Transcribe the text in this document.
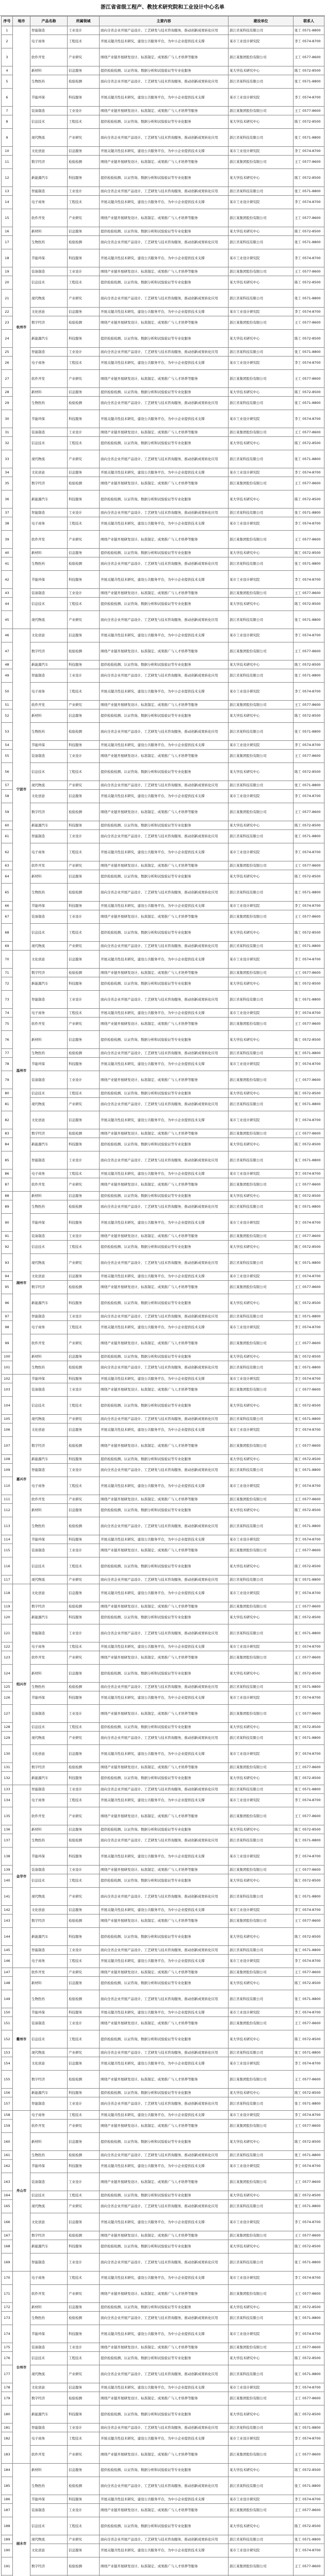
浙江省省级工程产、教技术研究院和工业设计中心名单
序号	地市	产品名称	所属领域	主要内容	建设单位	联系人
1	杭州市	智能制造	工业设计	面向全省企业开展产品设计、工艺研发与技术咨询服务，推动创新成果转化应用	浙江省某科技有限公司	张工 0571-8800
2		电子商务	工程技术	开展关键共性技术研究，建设公共服务平台，为中小企业提供技术支撑	某市工业设计研究院	李工 0574-8700
3		软件开发	产业研究	围绕产业链开展研发设计、标准制定、成果推广与人才培养等服务	浙江某集团股份有限公司	王工 0577-8600
4		新材料	信息服务	提供检验检测、认证咨询、数据分析和试验验证等专业化服务	某大学技术研究中心	陈工 0572-8500
5		生物医药	检验检测	面向全省企业开展产品设计、工艺研发与技术咨询服务，推动创新成果转化应用	浙江省某科技有限公司	张工 0571-8800
6		节能环保	科技服务	开展关键共性技术研究，建设公共服务平台，为中小企业提供技术支撑	某市工业设计研究院	李工 0574-8700
7		装备制造	工业设计	围绕产业链开展研发设计、标准制定、成果推广与人才培养等服务	浙江某集团股份有限公司	王工 0577-8600
8		信息技术	工程技术	提供检验检测、认证咨询、数据分析和试验验证等专业化服务	某大学技术研究中心	陈工 0572-8500
9		现代物流	产业研究	面向全省企业开展产品设计、工艺研发与技术咨询服务，推动创新成果转化应用	浙江省某科技有限公司	张工 0571-8800
10		文化创意	信息服务	开展关键共性技术研究，建设公共服务平台，为中小企业提供技术支撑	某市工业设计研究院	李工 0574-8700
11		数字经济	检验检测	围绕产业链开展研发设计、标准制定、成果推广与人才培养等服务	浙江某集团股份有限公司	王工 0577-8600
12		新能源汽车	科技服务	提供检验检测、认证咨询、数据分析和试验验证等专业化服务	某大学技术研究中心	陈工 0572-8500
13		智能制造	工业设计	面向全省企业开展产品设计、工艺研发与技术咨询服务，推动创新成果转化应用	浙江省某科技有限公司	张工 0571-8800
14		电子商务	工程技术	开展关键共性技术研究，建设公共服务平台，为中小企业提供技术支撑	某市工业设计研究院	李工 0574-8700
15		软件开发	产业研究	围绕产业链开展研发设计、标准制定、成果推广与人才培养等服务	浙江某集团股份有限公司	王工 0577-8600
16		新材料	信息服务	提供检验检测、认证咨询、数据分析和试验验证等专业化服务	某大学技术研究中心	陈工 0572-8500
17		生物医药	检验检测	面向全省企业开展产品设计、工艺研发与技术咨询服务，推动创新成果转化应用	浙江省某科技有限公司	张工 0571-8800
18		节能环保	科技服务	开展关键共性技术研究，建设公共服务平台，为中小企业提供技术支撑	某市工业设计研究院	李工 0574-8700
19		装备制造	工业设计	围绕产业链开展研发设计、标准制定、成果推广与人才培养等服务	浙江某集团股份有限公司	王工 0577-8600
20		信息技术	工程技术	提供检验检测、认证咨询、数据分析和试验验证等专业化服务	某大学技术研究中心	陈工 0572-8500
21		现代物流	产业研究	面向全省企业开展产品设计、工艺研发与技术咨询服务，推动创新成果转化应用	浙江省某科技有限公司	张工 0571-8800
22		文化创意	信息服务	开展关键共性技术研究，建设公共服务平台，为中小企业提供技术支撑	某市工业设计研究院	李工 0574-8700
23		数字经济	检验检测	围绕产业链开展研发设计、标准制定、成果推广与人才培养等服务	浙江某集团股份有限公司	王工 0577-8600
24		新能源汽车	科技服务	提供检验检测、认证咨询、数据分析和试验验证等专业化服务	某大学技术研究中心	陈工 0572-8500
25		智能制造	工业设计	面向全省企业开展产品设计、工艺研发与技术咨询服务，推动创新成果转化应用	浙江省某科技有限公司	张工 0571-8800
26		电子商务	工程技术	开展关键共性技术研究，建设公共服务平台，为中小企业提供技术支撑	某市工业设计研究院	李工 0574-8700
27		软件开发	产业研究	围绕产业链开展研发设计、标准制定、成果推广与人才培养等服务	浙江某集团股份有限公司	王工 0577-8600
28		新材料	信息服务	提供检验检测、认证咨询、数据分析和试验验证等专业化服务	某大学技术研究中心	陈工 0572-8500
29		生物医药	检验检测	面向全省企业开展产品设计、工艺研发与技术咨询服务，推动创新成果转化应用	浙江省某科技有限公司	张工 0571-8800
30		节能环保	科技服务	开展关键共性技术研究，建设公共服务平台，为中小企业提供技术支撑	某市工业设计研究院	李工 0574-8700
31		装备制造	工业设计	围绕产业链开展研发设计、标准制定、成果推广与人才培养等服务	浙江某集团股份有限公司	王工 0577-8600
32		信息技术	工程技术	提供检验检测、认证咨询、数据分析和试验验证等专业化服务	某大学技术研究中心	陈工 0572-8500
33		现代物流	产业研究	面向全省企业开展产品设计、工艺研发与技术咨询服务，推动创新成果转化应用	浙江省某科技有限公司	张工 0571-8800
34		文化创意	信息服务	开展关键共性技术研究，建设公共服务平台，为中小企业提供技术支撑	某市工业设计研究院	李工 0574-8700
35		数字经济	检验检测	围绕产业链开展研发设计、标准制定、成果推广与人才培养等服务	浙江某集团股份有限公司	王工 0577-8600
36		新能源汽车	科技服务	提供检验检测、认证咨询、数据分析和试验验证等专业化服务	某大学技术研究中心	陈工 0572-8500
37		智能制造	工业设计	面向全省企业开展产品设计、工艺研发与技术咨询服务，推动创新成果转化应用	浙江省某科技有限公司	张工 0571-8800
38		电子商务	工程技术	开展关键共性技术研究，建设公共服务平台，为中小企业提供技术支撑	某市工业设计研究院	李工 0574-8700
39		软件开发	产业研究	围绕产业链开展研发设计、标准制定、成果推广与人才培养等服务	浙江某集团股份有限公司	王工 0577-8600
40		新材料	信息服务	提供检验检测、认证咨询、数据分析和试验验证等专业化服务	某大学技术研究中心	陈工 0572-8500
41		生物医药	检验检测	面向全省企业开展产品设计、工艺研发与技术咨询服务，推动创新成果转化应用	浙江省某科技有限公司	张工 0571-8800
42		节能环保	科技服务	开展关键共性技术研究，建设公共服务平台，为中小企业提供技术支撑	某市工业设计研究院	李工 0574-8700
43		装备制造	工业设计	围绕产业链开展研发设计、标准制定、成果推广与人才培养等服务	浙江某集团股份有限公司	王工 0577-8600
44		信息技术	工程技术	提供检验检测、认证咨询、数据分析和试验验证等专业化服务	某大学技术研究中心	陈工 0572-8500
45		现代物流	产业研究	面向全省企业开展产品设计、工艺研发与技术咨询服务，推动创新成果转化应用	浙江省某科技有限公司	张工 0571-8800
46	宁波市	文化创意	信息服务	开展关键共性技术研究，建设公共服务平台，为中小企业提供技术支撑	某市工业设计研究院	李工 0574-8700
47		数字经济	检验检测	围绕产业链开展研发设计、标准制定、成果推广与人才培养等服务	浙江某集团股份有限公司	王工 0577-8600
48		新能源汽车	科技服务	提供检验检测、认证咨询、数据分析和试验验证等专业化服务	某大学技术研究中心	陈工 0572-8500
49		智能制造	工业设计	面向全省企业开展产品设计、工艺研发与技术咨询服务，推动创新成果转化应用	浙江省某科技有限公司	张工 0571-8800
50		电子商务	工程技术	开展关键共性技术研究，建设公共服务平台，为中小企业提供技术支撑	某市工业设计研究院	李工 0574-8700
51		软件开发	产业研究	围绕产业链开展研发设计、标准制定、成果推广与人才培养等服务	浙江某集团股份有限公司	王工 0577-8600
52		新材料	信息服务	提供检验检测、认证咨询、数据分析和试验验证等专业化服务	某大学技术研究中心	陈工 0572-8500
53		生物医药	检验检测	面向全省企业开展产品设计、工艺研发与技术咨询服务，推动创新成果转化应用	浙江省某科技有限公司	张工 0571-8800
54		节能环保	科技服务	开展关键共性技术研究，建设公共服务平台，为中小企业提供技术支撑	某市工业设计研究院	李工 0574-8700
55		装备制造	工业设计	围绕产业链开展研发设计、标准制定、成果推广与人才培养等服务	浙江某集团股份有限公司	王工 0577-8600
56		信息技术	工程技术	提供检验检测、认证咨询、数据分析和试验验证等专业化服务	某大学技术研究中心	陈工 0572-8500
57		现代物流	产业研究	面向全省企业开展产品设计、工艺研发与技术咨询服务，推动创新成果转化应用	浙江省某科技有限公司	张工 0571-8800
58		文化创意	信息服务	开展关键共性技术研究，建设公共服务平台，为中小企业提供技术支撑	某市工业设计研究院	李工 0574-8700
59		数字经济	检验检测	围绕产业链开展研发设计、标准制定、成果推广与人才培养等服务	浙江某集团股份有限公司	王工 0577-8600
60		新能源汽车	科技服务	提供检验检测、认证咨询、数据分析和试验验证等专业化服务	某大学技术研究中心	陈工 0572-8500
61		智能制造	工业设计	面向全省企业开展产品设计、工艺研发与技术咨询服务，推动创新成果转化应用	浙江省某科技有限公司	张工 0571-8800
62		电子商务	工程技术	开展关键共性技术研究，建设公共服务平台，为中小企业提供技术支撑	某市工业设计研究院	李工 0574-8700
63		软件开发	产业研究	围绕产业链开展研发设计、标准制定、成果推广与人才培养等服务	浙江某集团股份有限公司	王工 0577-8600
64		新材料	信息服务	提供检验检测、认证咨询、数据分析和试验验证等专业化服务	某大学技术研究中心	陈工 0572-8500
65		生物医药	检验检测	面向全省企业开展产品设计、工艺研发与技术咨询服务，推动创新成果转化应用	浙江省某科技有限公司	张工 0571-8800
66		节能环保	科技服务	开展关键共性技术研究，建设公共服务平台，为中小企业提供技术支撑	某市工业设计研究院	李工 0574-8700
67		装备制造	工业设计	围绕产业链开展研发设计、标准制定、成果推广与人才培养等服务	浙江某集团股份有限公司	王工 0577-8600
68		信息技术	工程技术	提供检验检测、认证咨询、数据分析和试验验证等专业化服务	某大学技术研究中心	陈工 0572-8500
69		现代物流	产业研究	面向全省企业开展产品设计、工艺研发与技术咨询服务，推动创新成果转化应用	浙江省某科技有限公司	张工 0571-8800
70	温州市	文化创意	信息服务	开展关键共性技术研究，建设公共服务平台，为中小企业提供技术支撑	某市工业设计研究院	李工 0574-8700
71		数字经济	检验检测	围绕产业链开展研发设计、标准制定、成果推广与人才培养等服务	浙江某集团股份有限公司	王工 0577-8600
72		新能源汽车	科技服务	提供检验检测、认证咨询、数据分析和试验验证等专业化服务	某大学技术研究中心	陈工 0572-8500
73		智能制造	工业设计	面向全省企业开展产品设计、工艺研发与技术咨询服务，推动创新成果转化应用	浙江省某科技有限公司	张工 0571-8800
74		电子商务	工程技术	开展关键共性技术研究，建设公共服务平台，为中小企业提供技术支撑	某市工业设计研究院	李工 0574-8700
75		软件开发	产业研究	围绕产业链开展研发设计、标准制定、成果推广与人才培养等服务	浙江某集团股份有限公司	王工 0577-8600
76		新材料	信息服务	提供检验检测、认证咨询、数据分析和试验验证等专业化服务	某大学技术研究中心	陈工 0572-8500
77		生物医药	检验检测	面向全省企业开展产品设计、工艺研发与技术咨询服务，推动创新成果转化应用	浙江省某科技有限公司	张工 0571-8800
78		节能环保	科技服务	开展关键共性技术研究，建设公共服务平台，为中小企业提供技术支撑	某市工业设计研究院	李工 0574-8700
79		装备制造	工业设计	围绕产业链开展研发设计、标准制定、成果推广与人才培养等服务	浙江某集团股份有限公司	王工 0577-8600
80		信息技术	工程技术	提供检验检测、认证咨询、数据分析和试验验证等专业化服务	某大学技术研究中心	陈工 0572-8500
81		现代物流	产业研究	面向全省企业开展产品设计、工艺研发与技术咨询服务，推动创新成果转化应用	浙江省某科技有限公司	张工 0571-8800
82		文化创意	信息服务	开展关键共性技术研究，建设公共服务平台，为中小企业提供技术支撑	某市工业设计研究院	李工 0574-8700
83		数字经济	检验检测	围绕产业链开展研发设计、标准制定、成果推广与人才培养等服务	浙江某集团股份有限公司	王工 0577-8600
84		新能源汽车	科技服务	提供检验检测、认证咨询、数据分析和试验验证等专业化服务	某大学技术研究中心	陈工 0572-8500
85		智能制造	工业设计	面向全省企业开展产品设计、工艺研发与技术咨询服务，推动创新成果转化应用	浙江省某科技有限公司	张工 0571-8800
86		电子商务	工程技术	开展关键共性技术研究，建设公共服务平台，为中小企业提供技术支撑	某市工业设计研究院	李工 0574-8700
87		软件开发	产业研究	围绕产业链开展研发设计、标准制定、成果推广与人才培养等服务	浙江某集团股份有限公司	王工 0577-8600
88	湖州市	新材料	信息服务	提供检验检测、认证咨询、数据分析和试验验证等专业化服务	某大学技术研究中心	陈工 0572-8500
89		生物医药	检验检测	面向全省企业开展产品设计、工艺研发与技术咨询服务，推动创新成果转化应用	浙江省某科技有限公司	张工 0571-8800
90		节能环保	科技服务	开展关键共性技术研究，建设公共服务平台，为中小企业提供技术支撑	某市工业设计研究院	李工 0574-8700
91		装备制造	工业设计	围绕产业链开展研发设计、标准制定、成果推广与人才培养等服务	浙江某集团股份有限公司	王工 0577-8600
92		信息技术	工程技术	提供检验检测、认证咨询、数据分析和试验验证等专业化服务	某大学技术研究中心	陈工 0572-8500
93		现代物流	产业研究	面向全省企业开展产品设计、工艺研发与技术咨询服务，推动创新成果转化应用	浙江省某科技有限公司	张工 0571-8800
94		文化创意	信息服务	开展关键共性技术研究，建设公共服务平台，为中小企业提供技术支撑	某市工业设计研究院	李工 0574-8700
95		数字经济	检验检测	围绕产业链开展研发设计、标准制定、成果推广与人才培养等服务	浙江某集团股份有限公司	王工 0577-8600
96		新能源汽车	科技服务	提供检验检测、认证咨询、数据分析和试验验证等专业化服务	某大学技术研究中心	陈工 0572-8500
97		智能制造	工业设计	面向全省企业开展产品设计、工艺研发与技术咨询服务，推动创新成果转化应用	浙江省某科技有限公司	张工 0571-8800
98		电子商务	工程技术	开展关键共性技术研究，建设公共服务平台，为中小企业提供技术支撑	某市工业设计研究院	李工 0574-8700
99		软件开发	产业研究	围绕产业链开展研发设计、标准制定、成果推广与人才培养等服务	浙江某集团股份有限公司	王工 0577-8600
100		新材料	信息服务	提供检验检测、认证咨询、数据分析和试验验证等专业化服务	某大学技术研究中心	陈工 0572-8500
101		生物医药	检验检测	面向全省企业开展产品设计、工艺研发与技术咨询服务，推动创新成果转化应用	浙江省某科技有限公司	张工 0571-8800
102	嘉兴市	节能环保	科技服务	开展关键共性技术研究，建设公共服务平台，为中小企业提供技术支撑	某市工业设计研究院	李工 0574-8700
103		装备制造	工业设计	围绕产业链开展研发设计、标准制定、成果推广与人才培养等服务	浙江某集团股份有限公司	王工 0577-8600
104		信息技术	工程技术	提供检验检测、认证咨询、数据分析和试验验证等专业化服务	某大学技术研究中心	陈工 0572-8500
105		现代物流	产业研究	面向全省企业开展产品设计、工艺研发与技术咨询服务，推动创新成果转化应用	浙江省某科技有限公司	张工 0571-8800
106		文化创意	信息服务	开展关键共性技术研究，建设公共服务平台，为中小企业提供技术支撑	某市工业设计研究院	李工 0574-8700
107		数字经济	检验检测	围绕产业链开展研发设计、标准制定、成果推广与人才培养等服务	浙江某集团股份有限公司	王工 0577-8600
108		新能源汽车	科技服务	提供检验检测、认证咨询、数据分析和试验验证等专业化服务	某大学技术研究中心	陈工 0572-8500
109		智能制造	工业设计	面向全省企业开展产品设计、工艺研发与技术咨询服务，推动创新成果转化应用	浙江省某科技有限公司	张工 0571-8800
110		电子商务	工程技术	开展关键共性技术研究，建设公共服务平台，为中小企业提供技术支撑	某市工业设计研究院	李工 0574-8700
111		软件开发	产业研究	围绕产业链开展研发设计、标准制定、成果推广与人才培养等服务	浙江某集团股份有限公司	王工 0577-8600
112		新材料	信息服务	提供检验检测、认证咨询、数据分析和试验验证等专业化服务	某大学技术研究中心	陈工 0572-8500
113		生物医药	检验检测	面向全省企业开展产品设计、工艺研发与技术咨询服务，推动创新成果转化应用	浙江省某科技有限公司	张工 0571-8800
114		节能环保	科技服务	开展关键共性技术研究，建设公共服务平台，为中小企业提供技术支撑	某市工业设计研究院	李工 0574-8700
115		装备制造	工业设计	围绕产业链开展研发设计、标准制定、成果推广与人才培养等服务	浙江某集团股份有限公司	王工 0577-8600
116		信息技术	工程技术	提供检验检测、认证咨询、数据分析和试验验证等专业化服务	某大学技术研究中心	陈工 0572-8500
117		现代物流	产业研究	面向全省企业开展产品设计、工艺研发与技术咨询服务，推动创新成果转化应用	浙江省某科技有限公司	张工 0571-8800
118	绍兴市	文化创意	信息服务	开展关键共性技术研究，建设公共服务平台，为中小企业提供技术支撑	某市工业设计研究院	李工 0574-8700
119		数字经济	检验检测	围绕产业链开展研发设计、标准制定、成果推广与人才培养等服务	浙江某集团股份有限公司	王工 0577-8600
120		新能源汽车	科技服务	提供检验检测、认证咨询、数据分析和试验验证等专业化服务	某大学技术研究中心	陈工 0572-8500
121		智能制造	工业设计	面向全省企业开展产品设计、工艺研发与技术咨询服务，推动创新成果转化应用	浙江省某科技有限公司	张工 0571-8800
122		电子商务	工程技术	开展关键共性技术研究，建设公共服务平台，为中小企业提供技术支撑	某市工业设计研究院	李工 0574-8700
123		软件开发	产业研究	围绕产业链开展研发设计、标准制定、成果推广与人才培养等服务	浙江某集团股份有限公司	王工 0577-8600
124		新材料	信息服务	提供检验检测、认证咨询、数据分析和试验验证等专业化服务	某大学技术研究中心	陈工 0572-8500
125		生物医药	检验检测	面向全省企业开展产品设计、工艺研发与技术咨询服务，推动创新成果转化应用	浙江省某科技有限公司	张工 0571-8800
126		节能环保	科技服务	开展关键共性技术研究，建设公共服务平台，为中小企业提供技术支撑	某市工业设计研究院	李工 0574-8700
127		装备制造	工业设计	围绕产业链开展研发设计、标准制定、成果推广与人才培养等服务	浙江某集团股份有限公司	王工 0577-8600
128		信息技术	工程技术	提供检验检测、认证咨询、数据分析和试验验证等专业化服务	某大学技术研究中心	陈工 0572-8500
129		现代物流	产业研究	面向全省企业开展产品设计、工艺研发与技术咨询服务，推动创新成果转化应用	浙江省某科技有限公司	张工 0571-8800
130		文化创意	信息服务	开展关键共性技术研究，建设公共服务平台，为中小企业提供技术支撑	某市工业设计研究院	李工 0574-8700
131		数字经济	检验检测	围绕产业链开展研发设计、标准制定、成果推广与人才培养等服务	浙江某集团股份有限公司	王工 0577-8600
132		新能源汽车	科技服务	提供检验检测、认证咨询、数据分析和试验验证等专业化服务	某大学技术研究中心	陈工 0572-8500
133	金华市	智能制造	工业设计	面向全省企业开展产品设计、工艺研发与技术咨询服务，推动创新成果转化应用	浙江省某科技有限公司	张工 0571-8800
134		电子商务	工程技术	开展关键共性技术研究，建设公共服务平台，为中小企业提供技术支撑	某市工业设计研究院	李工 0574-8700
135		软件开发	产业研究	围绕产业链开展研发设计、标准制定、成果推广与人才培养等服务	浙江某集团股份有限公司	王工 0577-8600
136		新材料	信息服务	提供检验检测、认证咨询、数据分析和试验验证等专业化服务	某大学技术研究中心	陈工 0572-8500
137		生物医药	检验检测	面向全省企业开展产品设计、工艺研发与技术咨询服务，推动创新成果转化应用	浙江省某科技有限公司	张工 0571-8800
138		节能环保	科技服务	开展关键共性技术研究，建设公共服务平台，为中小企业提供技术支撑	某市工业设计研究院	李工 0574-8700
139		装备制造	工业设计	围绕产业链开展研发设计、标准制定、成果推广与人才培养等服务	浙江某集团股份有限公司	王工 0577-8600
140		信息技术	工程技术	提供检验检测、认证咨询、数据分析和试验验证等专业化服务	某大学技术研究中心	陈工 0572-8500
141		现代物流	产业研究	面向全省企业开展产品设计、工艺研发与技术咨询服务，推动创新成果转化应用	浙江省某科技有限公司	张工 0571-8800
142		文化创意	信息服务	开展关键共性技术研究，建设公共服务平台，为中小企业提供技术支撑	某市工业设计研究院	李工 0574-8700
143		数字经济	检验检测	围绕产业链开展研发设计、标准制定、成果推广与人才培养等服务	浙江某集团股份有限公司	王工 0577-8600
144		新能源汽车	科技服务	提供检验检测、认证咨询、数据分析和试验验证等专业化服务	某大学技术研究中心	陈工 0572-8500
145		智能制造	工业设计	面向全省企业开展产品设计、工艺研发与技术咨询服务，推动创新成果转化应用	浙江省某科技有限公司	张工 0571-8800
146		电子商务	工程技术	开展关键共性技术研究，建设公共服务平台，为中小企业提供技术支撑	某市工业设计研究院	李工 0574-8700
147	衢州市	软件开发	产业研究	围绕产业链开展研发设计、标准制定、成果推广与人才培养等服务	浙江某集团股份有限公司	王工 0577-8600
148		新材料	信息服务	提供检验检测、认证咨询、数据分析和试验验证等专业化服务	某大学技术研究中心	陈工 0572-8500
149		生物医药	检验检测	面向全省企业开展产品设计、工艺研发与技术咨询服务，推动创新成果转化应用	浙江省某科技有限公司	张工 0571-8800
150		节能环保	科技服务	开展关键共性技术研究，建设公共服务平台，为中小企业提供技术支撑	某市工业设计研究院	李工 0574-8700
151		装备制造	工业设计	围绕产业链开展研发设计、标准制定、成果推广与人才培养等服务	浙江某集团股份有限公司	王工 0577-8600
152		信息技术	工程技术	提供检验检测、认证咨询、数据分析和试验验证等专业化服务	某大学技术研究中心	陈工 0572-8500
153		现代物流	产业研究	面向全省企业开展产品设计、工艺研发与技术咨询服务，推动创新成果转化应用	浙江省某科技有限公司	张工 0571-8800
154		文化创意	信息服务	开展关键共性技术研究，建设公共服务平台，为中小企业提供技术支撑	某市工业设计研究院	李工 0574-8700
155		数字经济	检验检测	围绕产业链开展研发设计、标准制定、成果推广与人才培养等服务	浙江某集团股份有限公司	王工 0577-8600
156		新能源汽车	科技服务	提供检验检测、认证咨询、数据分析和试验验证等专业化服务	某大学技术研究中心	陈工 0572-8500
157		智能制造	工业设计	面向全省企业开展产品设计、工艺研发与技术咨询服务，推动创新成果转化应用	浙江省某科技有限公司	张工 0571-8800
158	舟山市	电子商务	工程技术	开展关键共性技术研究，建设公共服务平台，为中小企业提供技术支撑	某市工业设计研究院	李工 0574-8700
159		软件开发	产业研究	围绕产业链开展研发设计、标准制定、成果推广与人才培养等服务	浙江某集团股份有限公司	王工 0577-8600
160		新材料	信息服务	提供检验检测、认证咨询、数据分析和试验验证等专业化服务	某大学技术研究中心	陈工 0572-8500
161		生物医药	检验检测	面向全省企业开展产品设计、工艺研发与技术咨询服务，推动创新成果转化应用	浙江省某科技有限公司	张工 0571-8800
162		节能环保	科技服务	开展关键共性技术研究，建设公共服务平台，为中小企业提供技术支撑	某市工业设计研究院	李工 0574-8700
163		装备制造	工业设计	围绕产业链开展研发设计、标准制定、成果推广与人才培养等服务	浙江某集团股份有限公司	王工 0577-8600
164		信息技术	工程技术	提供检验检测、认证咨询、数据分析和试验验证等专业化服务	某大学技术研究中心	陈工 0572-8500
165		现代物流	产业研究	面向全省企业开展产品设计、工艺研发与技术咨询服务，推动创新成果转化应用	浙江省某科技有限公司	张工 0571-8800
166		文化创意	信息服务	开展关键共性技术研究，建设公共服务平台，为中小企业提供技术支撑	某市工业设计研究院	李工 0574-8700
167		数字经济	检验检测	围绕产业链开展研发设计、标准制定、成果推广与人才培养等服务	浙江某集团股份有限公司	王工 0577-8600
168		新能源汽车	科技服务	提供检验检测、认证咨询、数据分析和试验验证等专业化服务	某大学技术研究中心	陈工 0572-8500
169		智能制造	工业设计	面向全省企业开展产品设计、工艺研发与技术咨询服务，推动创新成果转化应用	浙江省某科技有限公司	张工 0571-8800
170	台州市	电子商务	工程技术	开展关键共性技术研究，建设公共服务平台，为中小企业提供技术支撑	某市工业设计研究院	李工 0574-8700
171		软件开发	产业研究	围绕产业链开展研发设计、标准制定、成果推广与人才培养等服务	浙江某集团股份有限公司	王工 0577-8600
172		新材料	信息服务	提供检验检测、认证咨询、数据分析和试验验证等专业化服务	某大学技术研究中心	陈工 0572-8500
173		生物医药	检验检测	面向全省企业开展产品设计、工艺研发与技术咨询服务，推动创新成果转化应用	浙江省某科技有限公司	张工 0571-8800
174		节能环保	科技服务	开展关键共性技术研究，建设公共服务平台，为中小企业提供技术支撑	某市工业设计研究院	李工 0574-8700
175		装备制造	工业设计	围绕产业链开展研发设计、标准制定、成果推广与人才培养等服务	浙江某集团股份有限公司	王工 0577-8600
176		信息技术	工程技术	提供检验检测、认证咨询、数据分析和试验验证等专业化服务	某大学技术研究中心	陈工 0572-8500
177		现代物流	产业研究	面向全省企业开展产品设计、工艺研发与技术咨询服务，推动创新成果转化应用	浙江省某科技有限公司	张工 0571-8800
178		文化创意	信息服务	开展关键共性技术研究，建设公共服务平台，为中小企业提供技术支撑	某市工业设计研究院	李工 0574-8700
179		数字经济	检验检测	围绕产业链开展研发设计、标准制定、成果推广与人才培养等服务	浙江某集团股份有限公司	王工 0577-8600
180		新能源汽车	科技服务	提供检验检测、认证咨询、数据分析和试验验证等专业化服务	某大学技术研究中心	陈工 0572-8500
181		智能制造	工业设计	面向全省企业开展产品设计、工艺研发与技术咨询服务，推动创新成果转化应用	浙江省某科技有限公司	张工 0571-8800
182		电子商务	工程技术	开展关键共性技术研究，建设公共服务平台，为中小企业提供技术支撑	某市工业设计研究院	李工 0574-8700
183		软件开发	产业研究	围绕产业链开展研发设计、标准制定、成果推广与人才培养等服务	浙江某集团股份有限公司	王工 0577-8600
184	丽水市	新材料	信息服务	提供检验检测、认证咨询、数据分析和试验验证等专业化服务	某大学技术研究中心	陈工 0572-8500
185		生物医药	检验检测	面向全省企业开展产品设计、工艺研发与技术咨询服务，推动创新成果转化应用	浙江省某科技有限公司	张工 0571-8800
186		节能环保	科技服务	开展关键共性技术研究，建设公共服务平台，为中小企业提供技术支撑	某市工业设计研究院	李工 0574-8700
187		装备制造	工业设计	围绕产业链开展研发设计、标准制定、成果推广与人才培养等服务	浙江某集团股份有限公司	王工 0577-8600
188		信息技术	工程技术	提供检验检测、认证咨询、数据分析和试验验证等专业化服务	某大学技术研究中心	陈工 0572-8500
189		现代物流	产业研究	面向全省企业开展产品设计、工艺研发与技术咨询服务，推动创新成果转化应用	浙江省某科技有限公司	张工 0571-8800
190		文化创意	信息服务	开展关键共性技术研究，建设公共服务平台，为中小企业提供技术支撑	某市工业设计研究院	李工 0574-8700
191		数字经济	检验检测	围绕产业链开展研发设计、标准制定、成果推广与人才培养等服务	浙江某集团股份有限公司	王工 0577-8600
